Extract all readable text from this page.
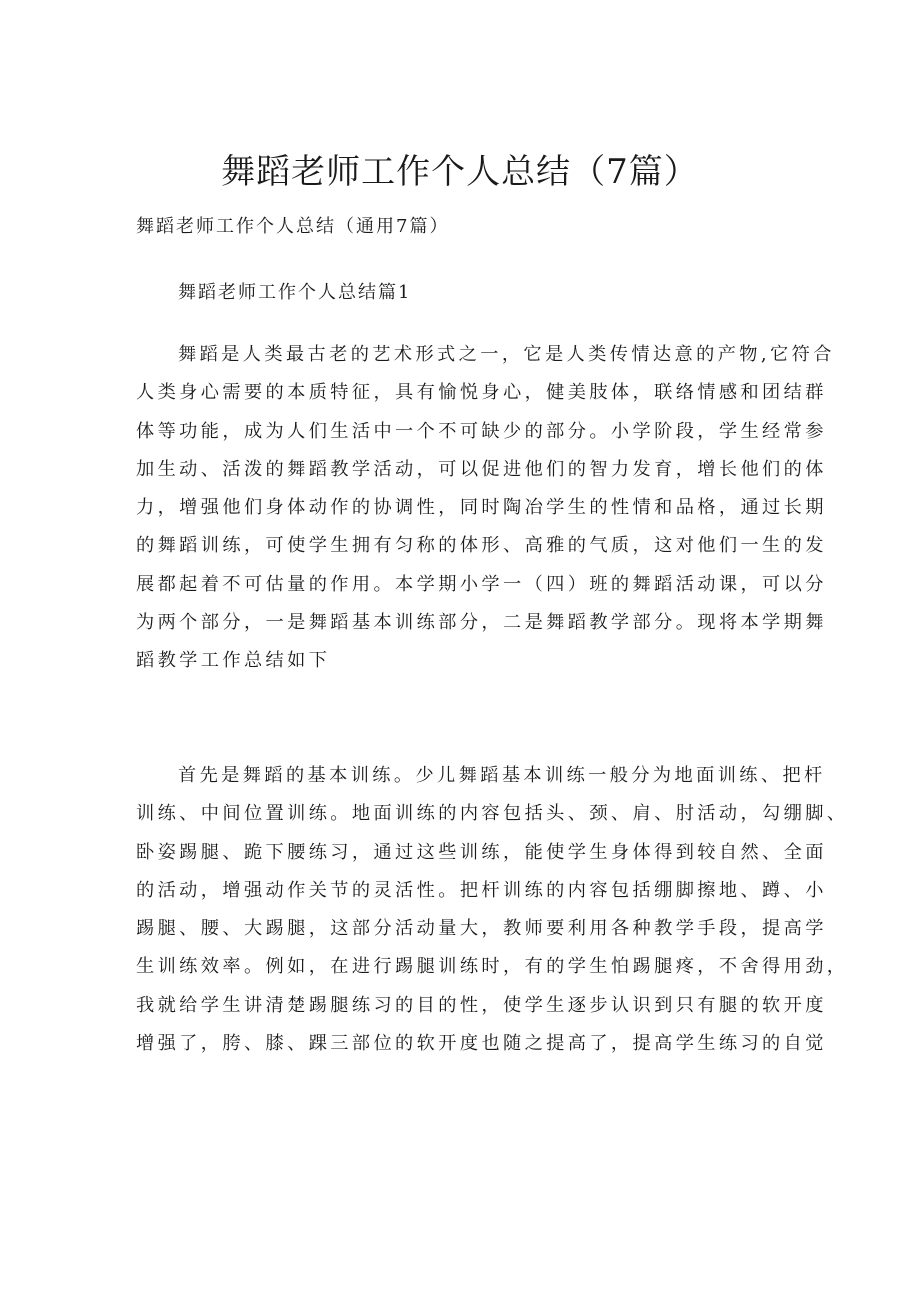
舞蹈老师工作个人总结（7篇）

舞蹈老师工作个人总结（通用7篇）

舞蹈老师工作个人总结篇1

舞蹈是人类最古老的艺术形式之一，它是人类传情达意的产物,它符合
人类身心需要的本质特征，具有愉悦身心，健美肢体，联络情感和团结群
体等功能，成为人们生活中一个不可缺少的部分。小学阶段，学生经常参
加生动、活泼的舞蹈教学活动，可以促进他们的智力发育，增长他们的体
力，增强他们身体动作的协调性，同时陶冶学生的性情和品格，通过长期
的舞蹈训练，可使学生拥有匀称的体形、高雅的气质，这对他们一生的发
展都起着不可估量的作用。本学期小学一（四）班的舞蹈活动课，可以分
为两个部分，一是舞蹈基本训练部分，二是舞蹈教学部分。现将本学期舞
蹈教学工作总结如下
首先是舞蹈的基本训练。少儿舞蹈基本训练一般分为地面训练、把杆
训练、中间位置训练。地面训练的内容包括头、颈、肩、肘活动，勾绷脚、
卧姿踢腿、跪下腰练习，通过这些训练，能使学生身体得到较自然、全面
的活动，增强动作关节的灵活性。把杆训练的内容包括绷脚擦地、蹲、小
踢腿、腰、大踢腿，这部分活动量大，教师要利用各种教学手段，提高学
生训练效率。例如，在进行踢腿训练时，有的学生怕踢腿疼，不舍得用劲，
我就给学生讲清楚踢腿练习的目的性，使学生逐步认识到只有腿的软开度
增强了，胯、膝、踝三部位的软开度也随之提高了，提高学生练习的自觉
